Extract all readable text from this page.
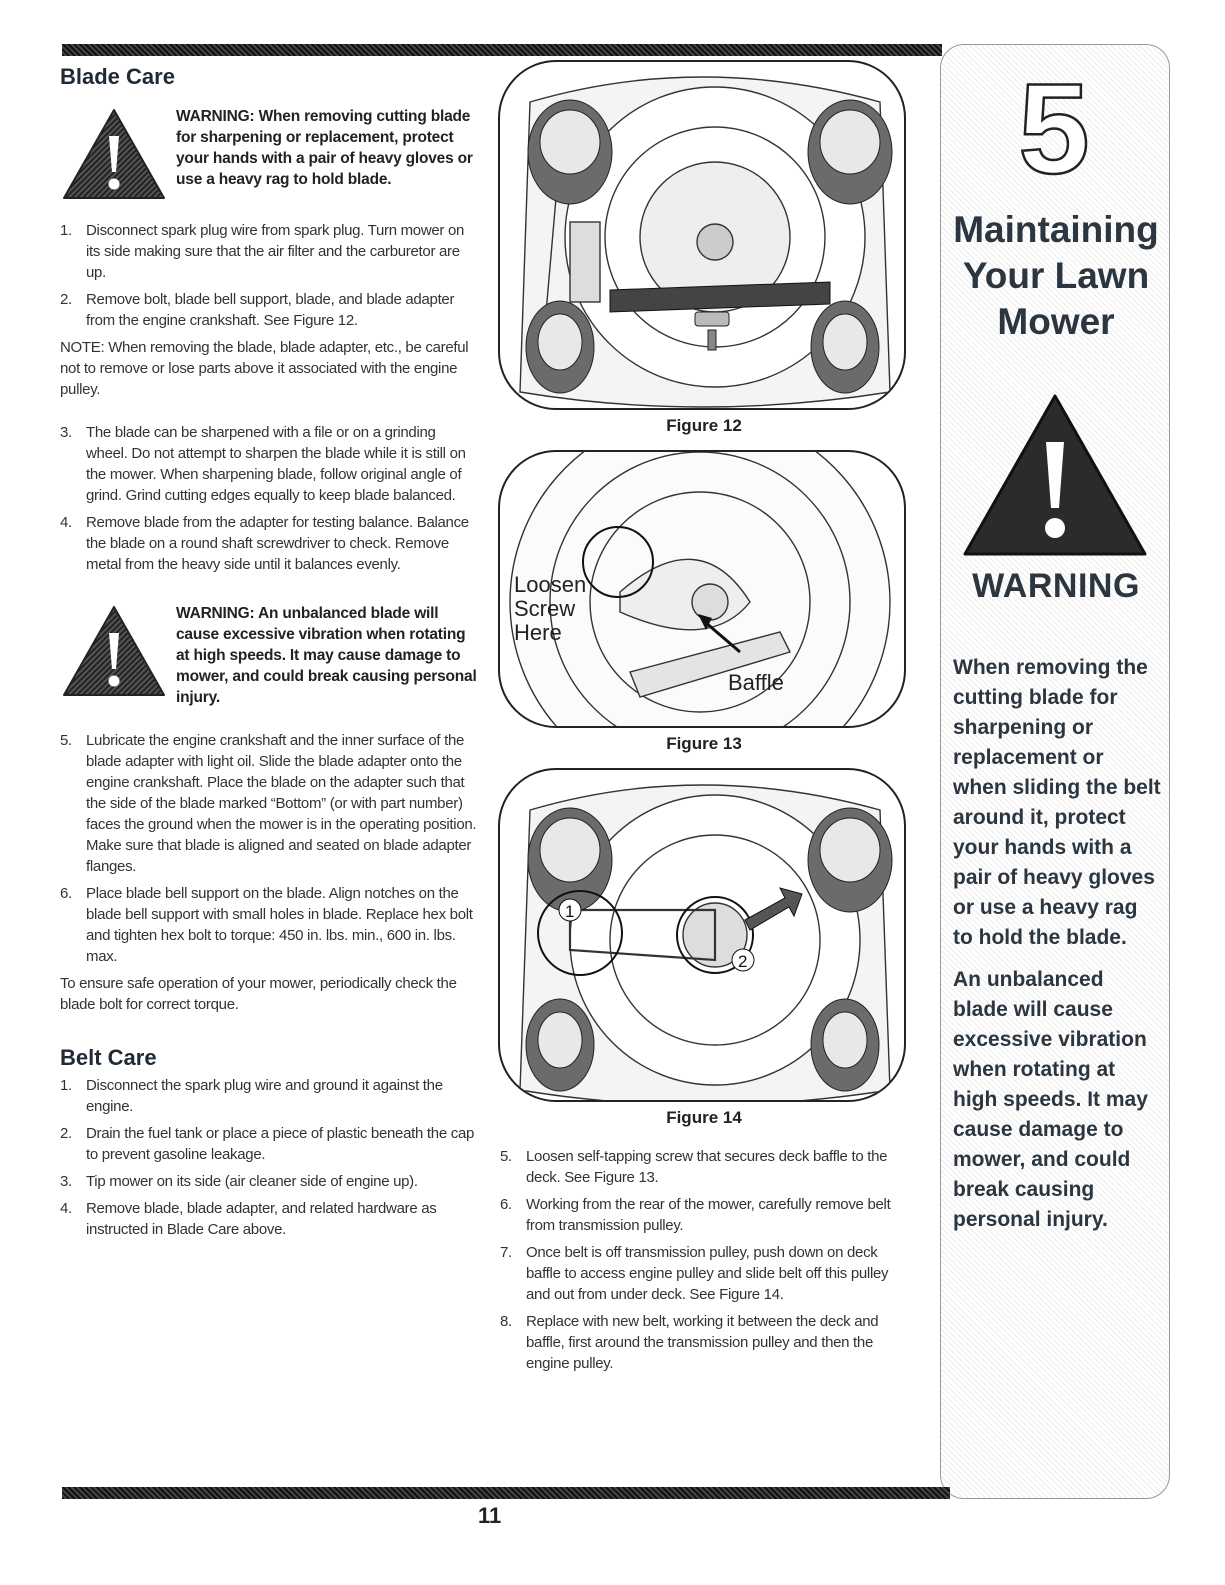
Blade Care
WARNING: When removing cutting blade for sharpening or replacement, protect your hands with a pair of heavy gloves or use a heavy rag to hold blade.
1. Disconnect spark plug wire from spark plug. Turn mower on its side making sure that the air filter and the carburetor are up.
2. Remove bolt, blade bell support, blade, and blade adapter from the engine crankshaft. See Figure 12.
NOTE: When removing the blade, blade adapter, etc., be careful not to remove or lose parts above it associated with the engine pulley.
3. The blade can be sharpened with a file or on a grinding wheel. Do not attempt to sharpen the blade while it is still on the mower. When sharpening blade, follow original angle of grind. Grind cutting edges equally to keep blade balanced.
4. Remove blade from the adapter for testing balance. Balance the blade on a round shaft screwdriver to check. Remove metal from the heavy side until it balances evenly.
WARNING: An unbalanced blade will cause excessive vibration when rotating at high speeds. It may cause damage to mower, and could break causing personal injury.
5. Lubricate the engine crankshaft and the inner surface of the blade adapter with light oil. Slide the blade adapter onto the engine crankshaft. Place the blade on the adapter such that the side of the blade marked “Bottom” (or with part number) faces the ground when the mower is in the operating position. Make sure that blade is aligned and seated on blade adapter flanges.
6. Place blade bell support on the blade. Align notches on the blade bell support with small holes in blade. Replace hex bolt and tighten hex bolt to torque: 450 in. lbs. min., 600 in. lbs. max.
To ensure safe operation of your mower, periodically check the blade bolt for correct torque.
Belt Care
1. Disconnect the spark plug wire and ground it against the engine.
2. Drain the fuel tank or place a piece of plastic beneath the cap to prevent gasoline leakage.
3. Tip mower on its side (air cleaner side of engine up).
4. Remove blade, blade adapter, and related hardware as instructed in Blade Care above.
Figure 12
Loosen
Screw
Here
Baffle
Figure 13
1
2
Figure 14
5. Loosen self-tapping screw that secures deck baffle to the deck. See Figure 13.
6. Working from the rear of the mower, carefully remove belt from transmission pulley.
7. Once belt is off transmission pulley, push down on deck baffle to access engine pulley and slide belt off this pulley and out from under deck. See Figure 14.
8. Replace with new belt, working it between the deck and baffle, first around the transmission pulley and then the engine pulley.
5
Maintaining
Your Lawn
Mower
WARNING
When removing the cutting blade for sharpening or replacement or when sliding the belt around it, protect your hands with a pair of heavy gloves or use a heavy rag to hold the blade.
An unbalanced blade will cause excessive vibration when rotating at high speeds. It may cause damage to mower, and could break causing personal injury.
11
